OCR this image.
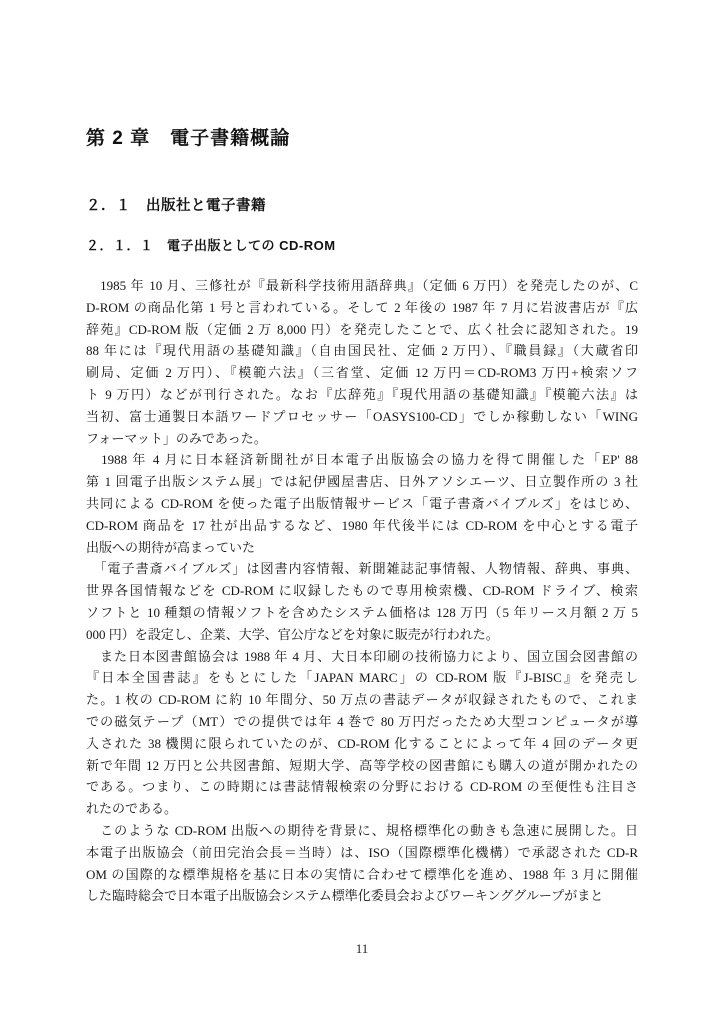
第 2 章　電子書籍概論
２．１　出版社と電子書籍
２．１．１　電子出版としての CD-ROM

　1985 年 10 月、三修社が『最新科学技術用語辞典』（定価 6 万円）を発売したのが、C
D-ROM の商品化第 1 号と言われている。そして 2 年後の 1987 年 7 月に岩波書店が『広
辞苑』CD-ROM 版（定価 2 万 8,000 円）を発売したことで、広く社会に認知された。19
88 年には『現代用語の基礎知識』（自由国民社、定価 2 万円）、『職員録』（大蔵省印
刷局、定価 2 万円）、『模範六法』（三省堂、定価 12 万円＝CD-ROM3 万円+検索ソフ
ト 9 万円）などが刊行された。なお『広辞苑』『現代用語の基礎知識』『模範六法』は
当初、富士通製日本語ワードプロセッサー「OASYS100-CD」でしか稼動しない「WING
フォーマット」のみであった。

　1988 年 4 月に日本経済新聞社が日本電子出版協会の協力を得て開催した「EP' 88
第 1 回電子出版システム展」では紀伊國屋書店、日外アソシエーツ、日立製作所の 3 社
共同による CD-ROM を使った電子出版情報サービス「電子書斎バイブルズ」をはじめ、
CD-ROM 商品を 17 社が出品するなど、1980 年代後半には CD-ROM を中心とする電子
出版への期待が高まっていた

　「電子書斎バイブルズ」は図書内容情報、新聞雑誌記事情報、人物情報、辞典、事典、
世界各国情報などを CD-ROM に収録したもので専用検索機、CD-ROM ドライブ、検索
ソフトと 10 種類の情報ソフトを含めたシステム価格は 128 万円（5 年リース月額 2 万 5
000 円）を設定し、企業、大学、官公庁などを対象に販売が行われた。

　また日本図書館協会は 1988 年 4 月、大日本印刷の技術協力により、国立国会図書館の
『日本全国書誌』をもとにした「JAPAN MARC」の CD-ROM 版『J-BISC』を発売し
た。1 枚の CD-ROM に約 10 年間分、50 万点の書誌データが収録されたもので、これま
での磁気テープ（MT）での提供では年 4 巻で 80 万円だったため大型コンピュータが導
入された 38 機関に限られていたのが、CD-ROM 化することによって年 4 回のデータ更
新で年間 12 万円と公共図書館、短期大学、高等学校の図書館にも購入の道が開かれたの
である。つまり、この時期には書誌情報検索の分野における CD-ROM の至便性も注目さ
れたのである。

　このような CD-ROM 出版への期待を背景に、規格標準化の動きも急速に展開した。日
本電子出版協会（前田完治会長＝当時）は、ISO（国際標準化機構）で承認された CD-R
OM の国際的な標準規格を基に日本の実情に合わせて標準化を進め、1988 年 3 月に開催
した臨時総会で日本電子出版協会システム標準化委員会およびワーキンググループがまと

11
